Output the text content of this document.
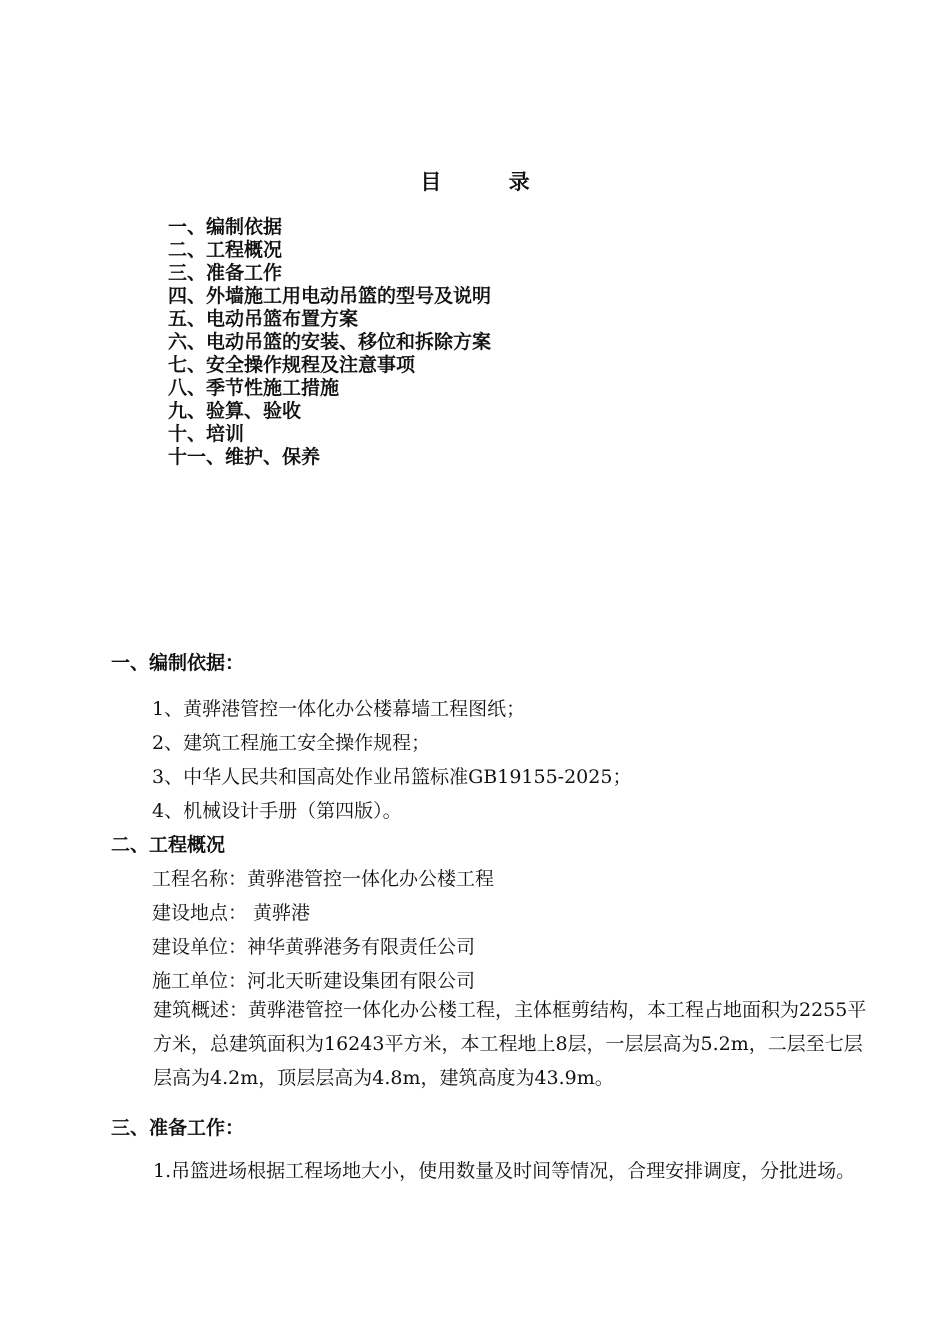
目	录
一、编制依据
二、工程概况
三、准备工作
四、外墙施工用电动吊篮的型号及说明
五、电动吊篮布置方案
六、电动吊篮的安装、移位和拆除方案
七、安全操作规程及注意事项
八、季节性施工措施
九、验算、验收
十、培训
十一、维护、保养
一、编制依据：
1、黄骅港管控一体化办公楼幕墙工程图纸；
2、建筑工程施工安全操作规程；
3、中华人民共和国高处作业吊篮标准GB19155-2025；
4、机械设计手册（第四版）。
二、工程概况
工程名称：黄骅港管控一体化办公楼工程
建设地点： 黄骅港
建设单位：神华黄骅港务有限责任公司
施工单位：河北天昕建设集团有限公司
建筑概述：黄骅港管控一体化办公楼工程，主体框剪结构，本工程占地面积为2255平方米，总建筑面积为16243平方米，本工程地上8层，一层层高为5.2m，二层至七层层高为4.2m，顶层层高为4.8m，建筑高度为43.9m。
三、准备工作：
1.吊篮进场根据工程场地大小，使用数量及时间等情况，合理安排调度，分批进场。
